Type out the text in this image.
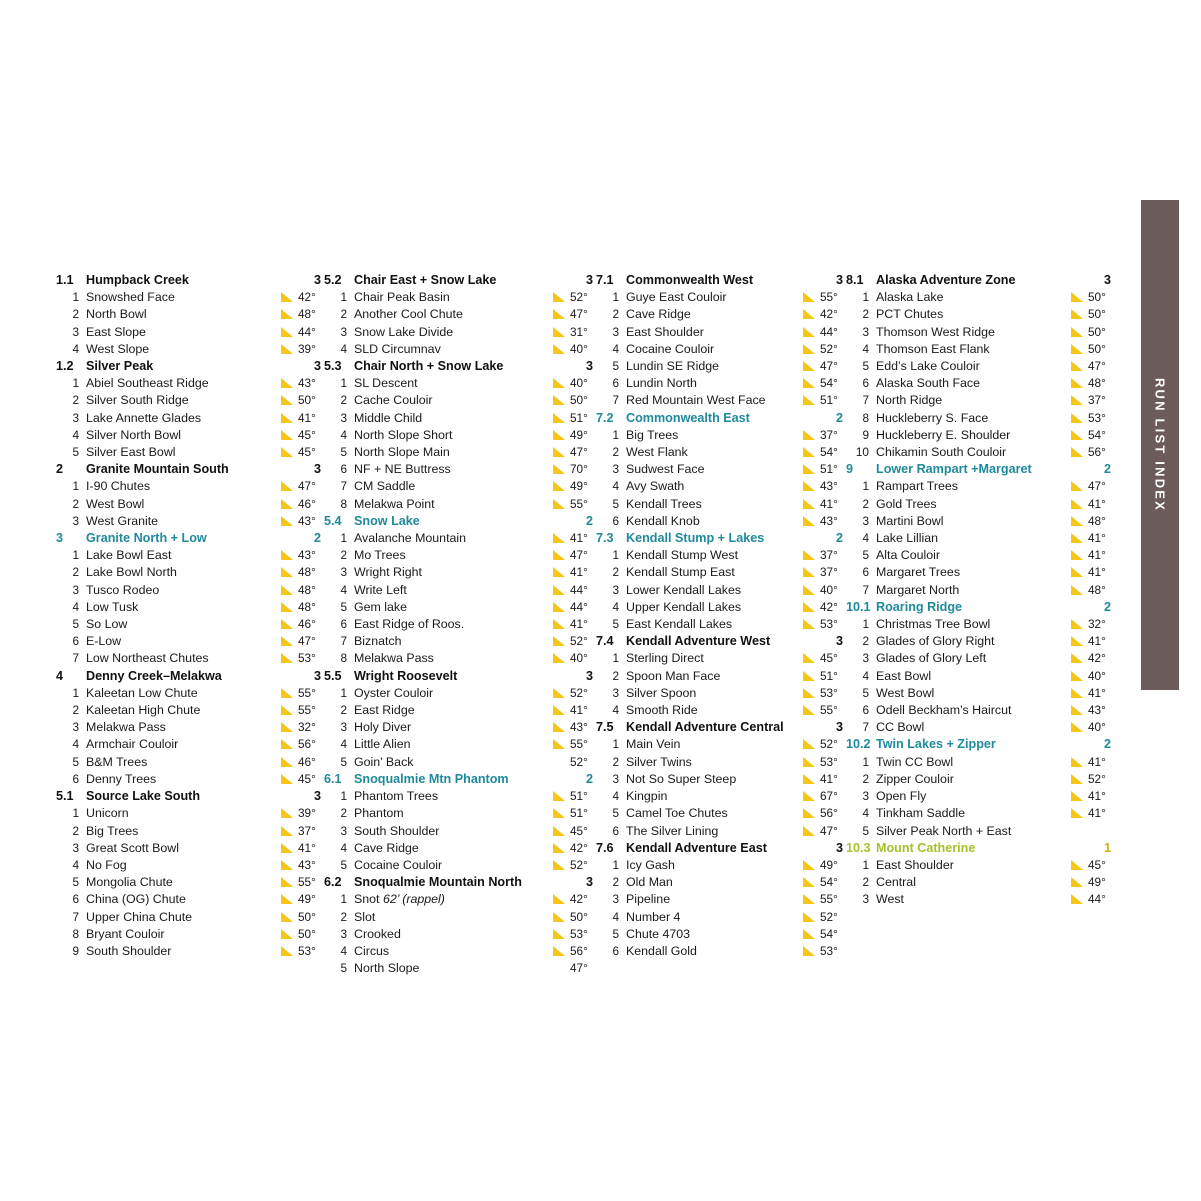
RUN LIST INDEX
1.1 Humpback Creek	3
1 Snowshed Face	42°
2 North Bowl	48°
3 East Slope	44°
4 West Slope	39°
1.2 Silver Peak	3
1 Abiel Southeast Ridge	43°
2 Silver South Ridge	50°
3 Lake Annette Glades	41°
4 Silver North Bowl	45°
5 Silver East Bowl	45°
2	Granite Mountain South	3
1 I-90 Chutes	47°
2 West Bowl	46°
3 West Granite	43°
3	Granite North + Low	2
1 Lake Bowl East	43°
2 Lake Bowl North	48°
3 Tusco Rodeo	48°
4 Low Tusk	48°
5 So Low	46°
6 E-Low	47°
7 Low Northeast Chutes	53°
4	Denny Creek–Melakwa	3
1 Kaleetan Low Chute	55°
2 Kaleetan High Chute	55°
3 Melakwa Pass	32°
4 Armchair Couloir	56°
5 B&M Trees	46°
6 Denny Trees	45°
5.1 Source Lake South	3
1 Unicorn	39°
2 Big Trees	37°
3 Great Scott Bowl	41°
4 No Fog	43°
5 Mongolia Chute	55°
6 China (OG) Chute	49°
7 Upper China Chute	50°
8 Bryant Couloir	50°
9 South Shoulder	53°
5.2 Chair East + Snow Lake	3
1 Chair Peak Basin	52°
2 Another Cool Chute	47°
3 Snow Lake Divide	31°
4 SLD Circumnav	40°
5.3 Chair North + Snow Lake	3
1 SL Descent	40°
2 Cache Couloir	50°
3 Middle Child	51°
4 North Slope Short	49°
5 North Slope Main	47°
6 NF + NE Buttress	70°
7 CM Saddle	49°
8 Melakwa Point	55°
5.4 Snow Lake	2
1 Avalanche Mountain	41°
2 Mo Trees	47°
3 Wright Right	41°
4 Write Left	44°
5 Gem lake	44°
6 East Ridge of Roos.	41°
7 Biznatch	52°
8 Melakwa Pass	40°
5.5 Wright Roosevelt	3
1 Oyster Couloir	52°
2 East Ridge	41°
3 Holy Diver	43°
4 Little Alien	55°
5 Goin’ Back	52°
6.1 Snoqualmie Mtn Phantom	2
1 Phantom Trees	51°
2 Phantom	51°
3 South Shoulder	45°
4 Cave Ridge	42°
5 Cocaine Couloir	52°
6.2 Snoqualmie Mountain North	3
1 Snot 62’ (rappel)	42°
2 Slot	50°
3 Crooked	53°
4 Circus	56°
5 North Slope	47°
7.1 Commonwealth West	3
1 Guye East Couloir	55°
2 Cave Ridge	42°
3 East Shoulder	44°
4 Cocaine Couloir	52°
5 Lundin SE Ridge	47°
6 Lundin North	54°
7 Red Mountain West Face	51°
7.2 Commonwealth East	2
1 Big Trees	37°
2 West Flank	54°
3 Sudwest Face	51°
4 Avy Swath	43°
5 Kendall Trees	41°
6 Kendall Knob	43°
7.3 Kendall Stump + Lakes	2
1 Kendall Stump West	37°
2 Kendall Stump East	37°
3 Lower Kendall Lakes	40°
4 Upper Kendall Lakes	42°
5 East Kendall Lakes	53°
7.4 Kendall Adventure West	3
1 Sterling Direct	45°
2 Spoon Man Face	51°
3 Silver Spoon	53°
4 Smooth Ride	55°
7.5 Kendall Adventure Central	3
1 Main Vein	52°
2 Silver Twins	53°
3 Not So Super Steep	41°
4 Kingpin	67°
5 Camel Toe Chutes	56°
6 The Silver Lining	47°
7.6 Kendall Adventure East	3
1 Icy Gash	49°
2 Old Man	54°
3 Pipeline	55°
4 Number 4	52°
5 Chute 4703	54°
6 Kendall Gold	53°
8.1 Alaska Adventure Zone	3
1 Alaska Lake	50°
2 PCT Chutes	50°
3 Thomson West Ridge	50°
4 Thomson East Flank	50°
5 Edd’s Lake Couloir	47°
6 Alaska South Face	48°
7 North Ridge	37°
8 Huckleberry S. Face	53°
9 Huckleberry E. Shoulder	54°
10 Chikamin South Couloir	56°
9	Lower Rampart +Margaret	2
1 Rampart Trees	47°
2 Gold Trees	41°
3 Martini Bowl	48°
4 Lake Lillian	41°
5 Alta Couloir	41°
6 Margaret Trees	41°
7 Margaret North	48°
10.1 Roaring Ridge	2
1 Christmas Tree Bowl	32°
2 Glades of Glory Right	41°
3 Glades of Glory Left	42°
4 East Bowl	40°
5 West Bowl	41°
6 Odell Beckham’s Haircut	43°
7 CC Bowl	40°
10.2 Twin Lakes + Zipper	2
1 Twin CC Bowl	41°
2 Zipper Couloir	52°
3 Open Fly	41°
4 Tinkham Saddle	41°
5 Silver Peak North + East
10.3 Mount Catherine	1
1 East Shoulder	45°
2 Central	49°
3 West	44°
